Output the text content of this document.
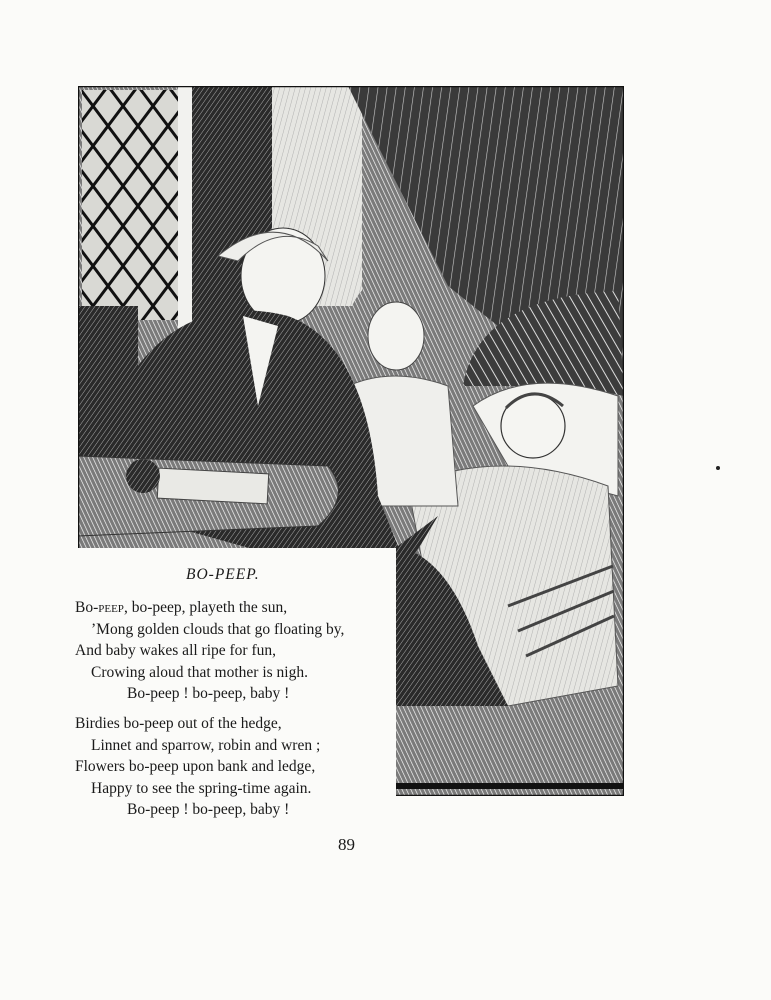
BO-PEEP.
Bo-peep, bo-peep, playeth the sun,
’Mong golden clouds that go floating by,
And baby wakes all ripe for fun,
Crowing aloud that mother is nigh.
Bo-peep ! bo-peep, baby !
Birdies bo-peep out of the hedge,
Linnet and sparrow, robin and wren ;
Flowers bo-peep upon bank and ledge,
Happy to see the spring-time again.
Bo-peep ! bo-peep, baby !
89
